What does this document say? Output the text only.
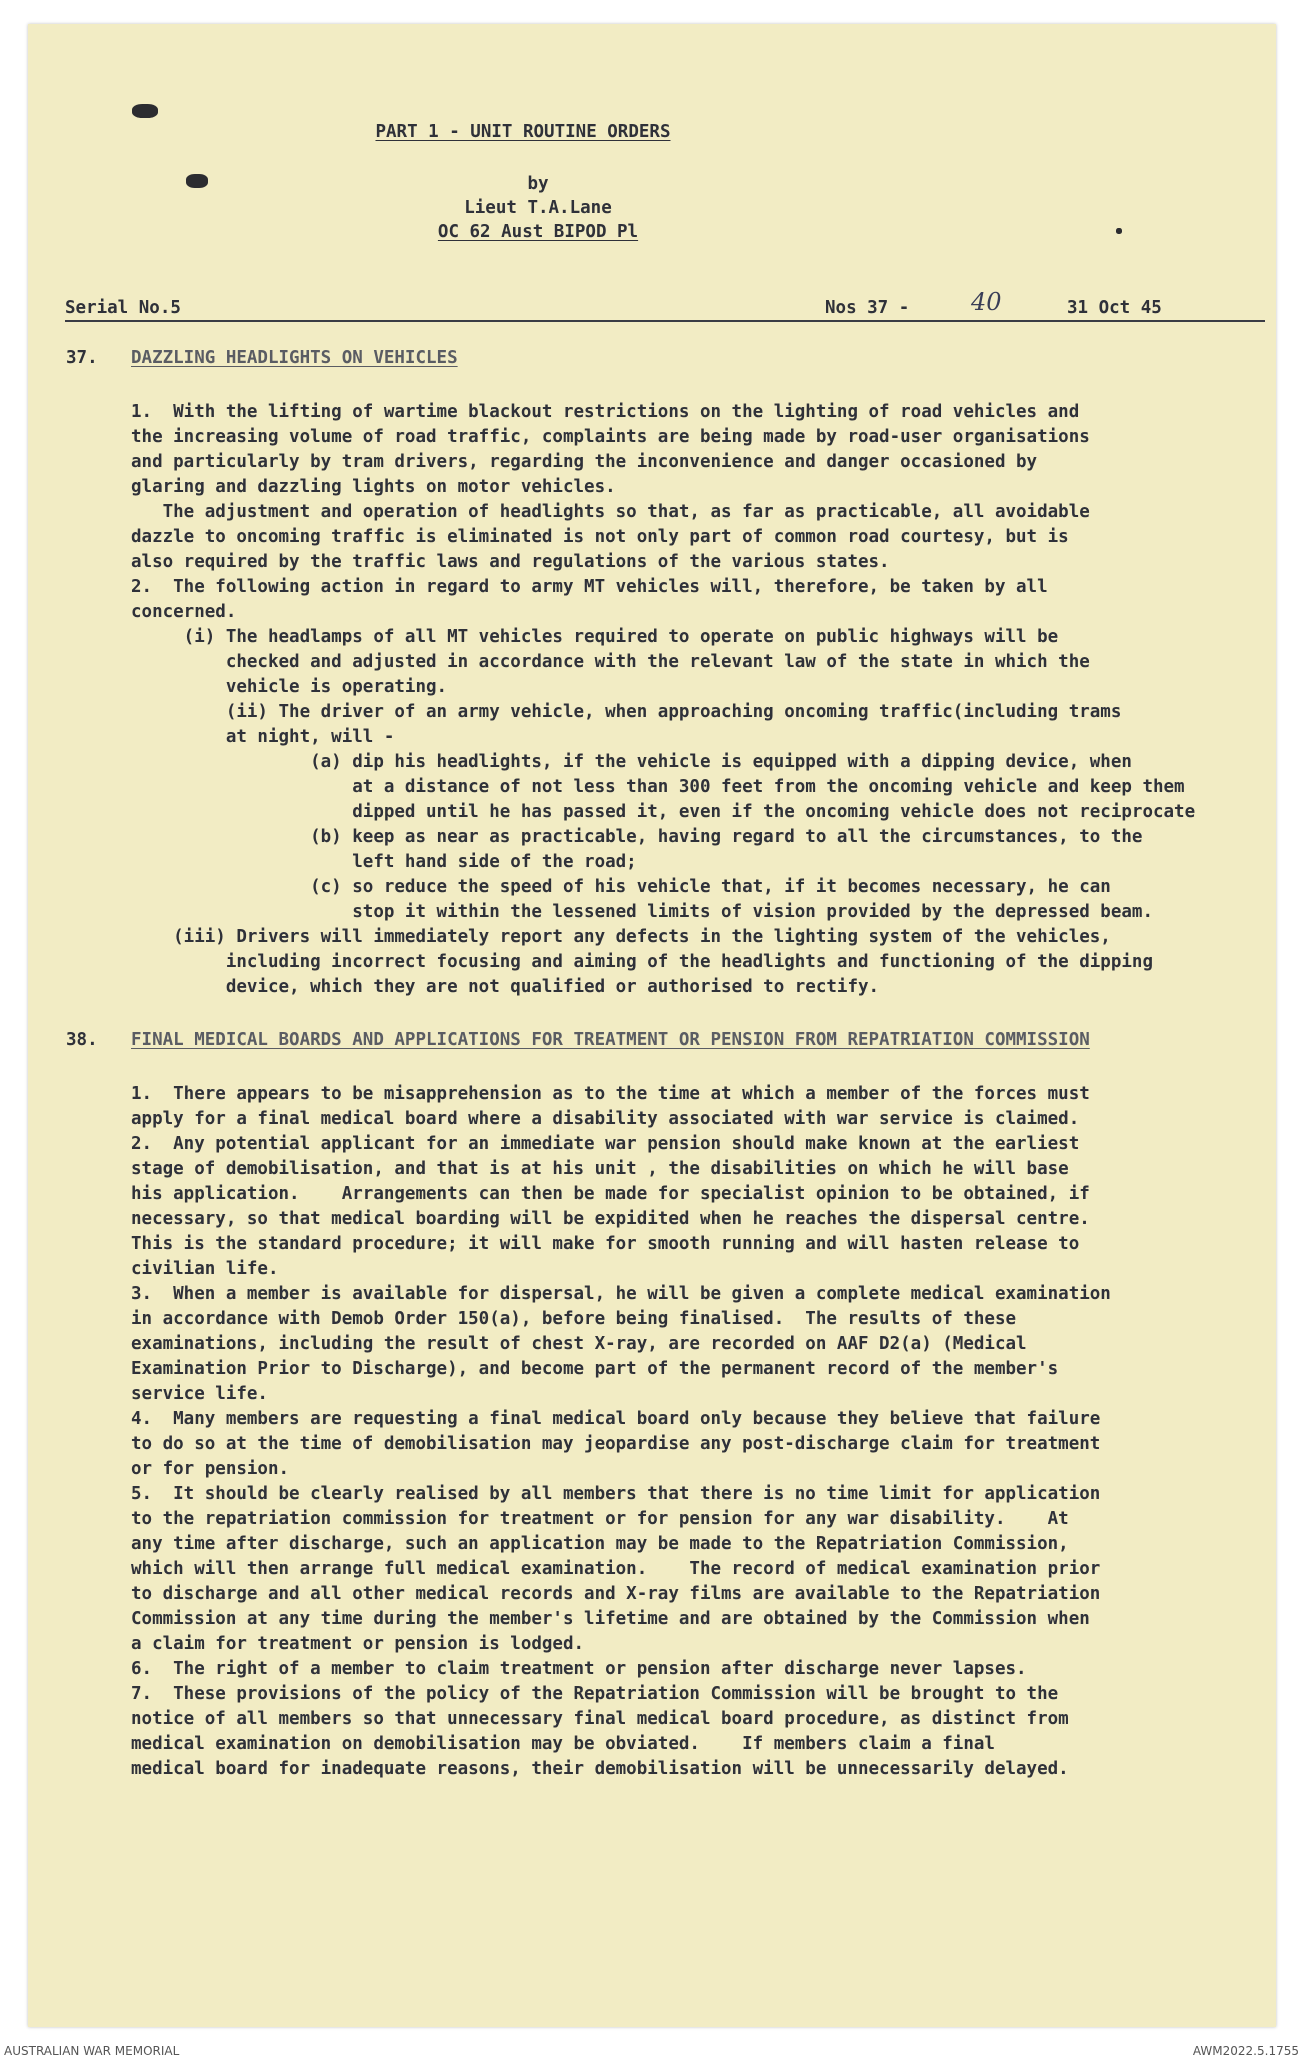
PART 1 - UNIT ROUTINE ORDERS
by
Lieut T.A.Lane
OC 62 Aust BIPOD Pl
Serial No.5	Nos 37 -	40	31 Oct 45
37. DAZZLING HEADLIGHTS ON VEHICLES
1.  With the lifting of wartime blackout restrictions on the lighting of road vehicles and
the increasing volume of road traffic, complaints are being made by road-user organisations
and particularly by tram drivers, regarding the inconvenience and danger occasioned by
glaring and dazzling lights on motor vehicles.
The adjustment and operation of headlights so that, as far as practicable, all avoidable
dazzle to oncoming traffic is eliminated is not only part of common road courtesy, but is
also required by the traffic laws and regulations of the various states.
2.  The following action in regard to army MT vehicles will, therefore, be taken by all
concerned.
(i) The headlamps of all MT vehicles required to operate on public highways will be
checked and adjusted in accordance with the relevant law of the state in which the
vehicle is operating.
(ii) The driver of an army vehicle, when approaching oncoming traffic(including trams
at night, will -
(a) dip his headlights, if the vehicle is equipped with a dipping device, when
at a distance of not less than 300 feet from the oncoming vehicle and keep them
dipped until he has passed it, even if the oncoming vehicle does not reciprocate
(b) keep as near as practicable, having regard to all the circumstances, to the
left hand side of the road;
(c) so reduce the speed of his vehicle that, if it becomes necessary, he can
stop it within the lessened limits of vision provided by the depressed beam.
(iii) Drivers will immediately report any defects in the lighting system of the vehicles,
including incorrect focusing and aiming of the headlights and functioning of the dipping
device, which they are not qualified or authorised to rectify.
38. FINAL MEDICAL BOARDS AND APPLICATIONS FOR TREATMENT OR PENSION FROM REPATRIATION COMMISSION
1.  There appears to be misapprehension as to the time at which a member of the forces must
apply for a final medical board where a disability associated with war service is claimed.
2.  Any potential applicant for an immediate war pension should make known at the earliest
stage of demobilisation, and that is at his unit , the disabilities on which he will base
his application.    Arrangements can then be made for specialist opinion to be obtained, if
necessary, so that medical boarding will be expidited when he reaches the dispersal centre.
This is the standard procedure; it will make for smooth running and will hasten release to
civilian life.
3.  When a member is available for dispersal, he will be given a complete medical examination
in accordance with Demob Order 150(a), before being finalised.  The results of these
examinations, including the result of chest X-ray, are recorded on AAF D2(a) (Medical
Examination Prior to Discharge), and become part of the permanent record of the member's
service life.
4.  Many members are requesting a final medical board only because they believe that failure
to do so at the time of demobilisation may jeopardise any post-discharge claim for treatment
or for pension.
5.  It should be clearly realised by all members that there is no time limit for application
to the repatriation commission for treatment or for pension for any war disability.    At
any time after discharge, such an application may be made to the Repatriation Commission,
which will then arrange full medical examination.    The record of medical examination prior
to discharge and all other medical records and X-ray films are available to the Repatriation
Commission at any time during the member's lifetime and are obtained by the Commission when
a claim for treatment or pension is lodged.
6.  The right of a member to claim treatment or pension after discharge never lapses.
7.  These provisions of the policy of the Repatriation Commission will be brought to the
notice of all members so that unnecessary final medical board procedure, as distinct from
medical examination on demobilisation may be obviated.    If members claim a final
medical board for inadequate reasons, their demobilisation will be unnecessarily delayed.
AUSTRALIAN WAR MEMORIAL	AWM2022.5.1755
